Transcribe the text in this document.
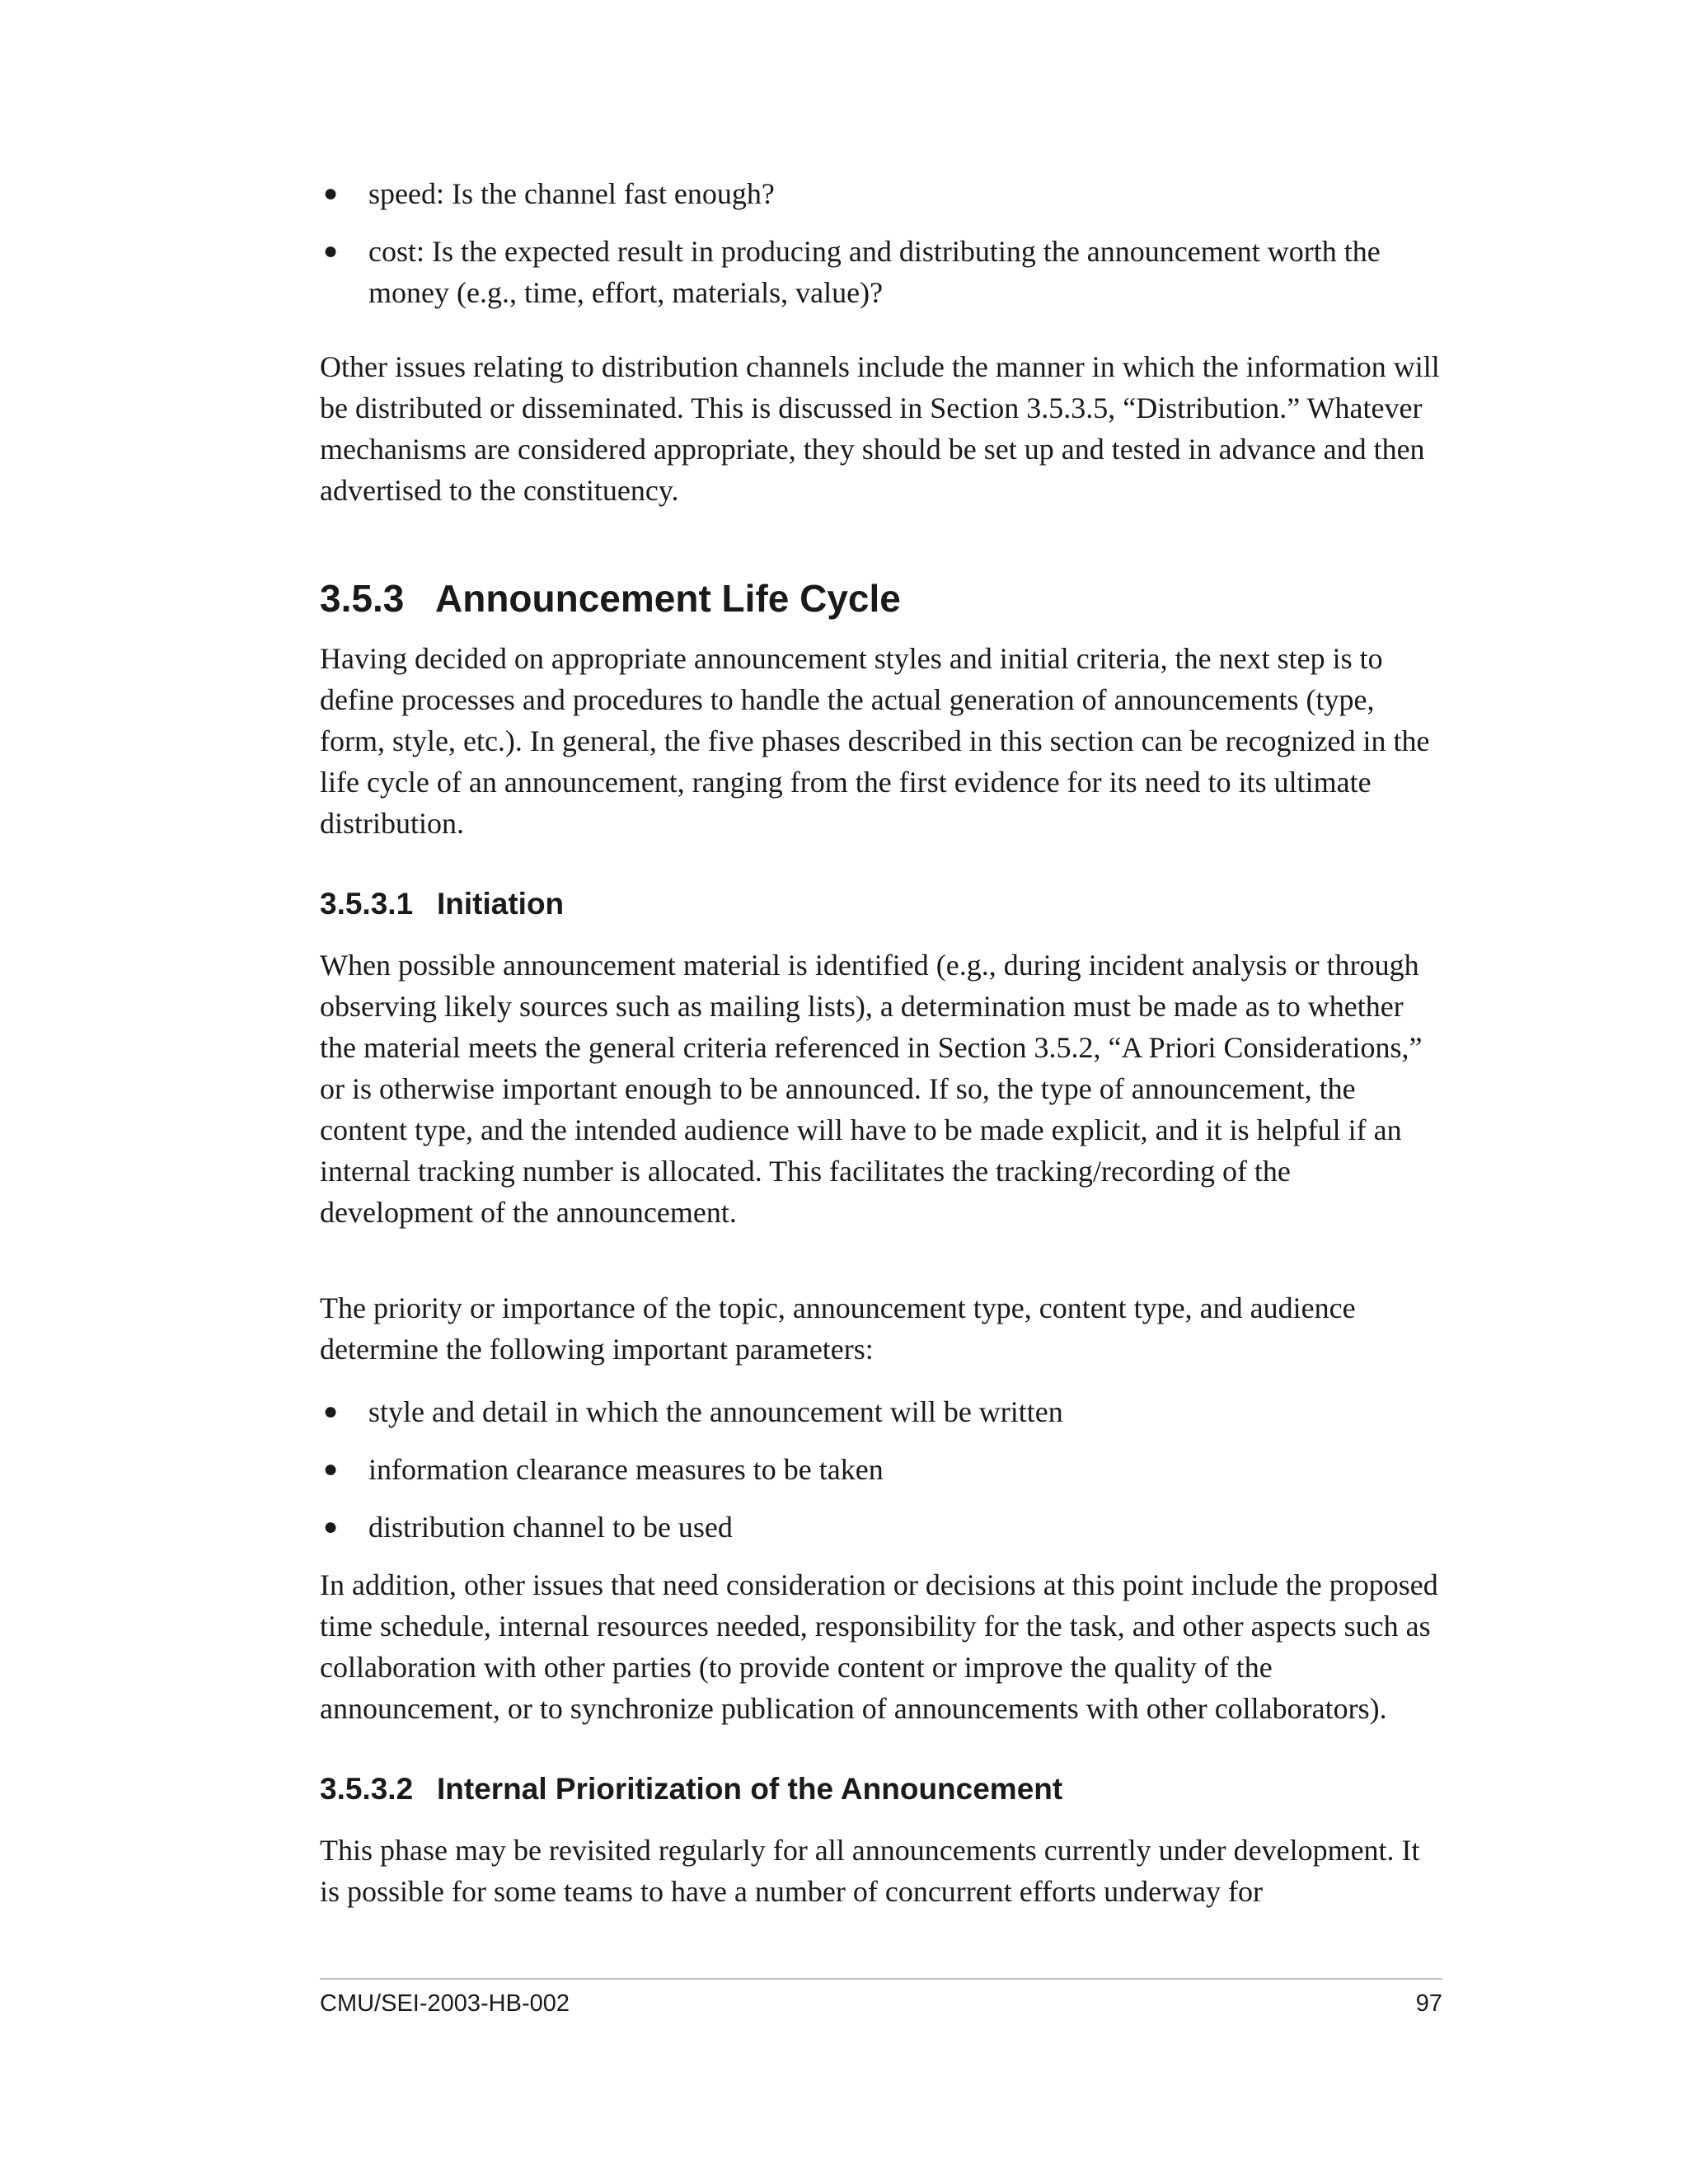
● speed: Is the channel fast enough?
● cost: Is the expected result in producing and distributing the announcement worth the money (e.g., time, effort, materials, value)?

Other issues relating to distribution channels include the manner in which the information will be distributed or disseminated. This is discussed in Section 3.5.3.5, “Distribution.” Whatever mechanisms are considered appropriate, they should be set up and tested in advance and then advertised to the constituency.

3.5.3 Announcement Life Cycle

Having decided on appropriate announcement styles and initial criteria, the next step is to define processes and procedures to handle the actual generation of announcements (type, form, style, etc.). In general, the five phases described in this section can be recognized in the life cycle of an announcement, ranging from the first evidence for its need to its ultimate distribution.

3.5.3.1 Initiation

When possible announcement material is identified (e.g., during incident analysis or through observing likely sources such as mailing lists), a determination must be made as to whether the material meets the general criteria referenced in Section 3.5.2, “A Priori Considerations,” or is otherwise important enough to be announced. If so, the type of announcement, the content type, and the intended audience will have to be made explicit, and it is helpful if an internal tracking number is allocated. This facilitates the tracking/recording of the development of the announcement.

The priority or importance of the topic, announcement type, content type, and audience determine the following important parameters:

● style and detail in which the announcement will be written
● information clearance measures to be taken
● distribution channel to be used

In addition, other issues that need consideration or decisions at this point include the proposed time schedule, internal resources needed, responsibility for the task, and other aspects such as collaboration with other parties (to provide content or improve the quality of the announcement, or to synchronize publication of announcements with other collaborators).

3.5.3.2 Internal Prioritization of the Announcement

This phase may be revisited regularly for all announcements currently under development. It is possible for some teams to have a number of concurrent efforts underway for

CMU/SEI-2003-HB-002	97
